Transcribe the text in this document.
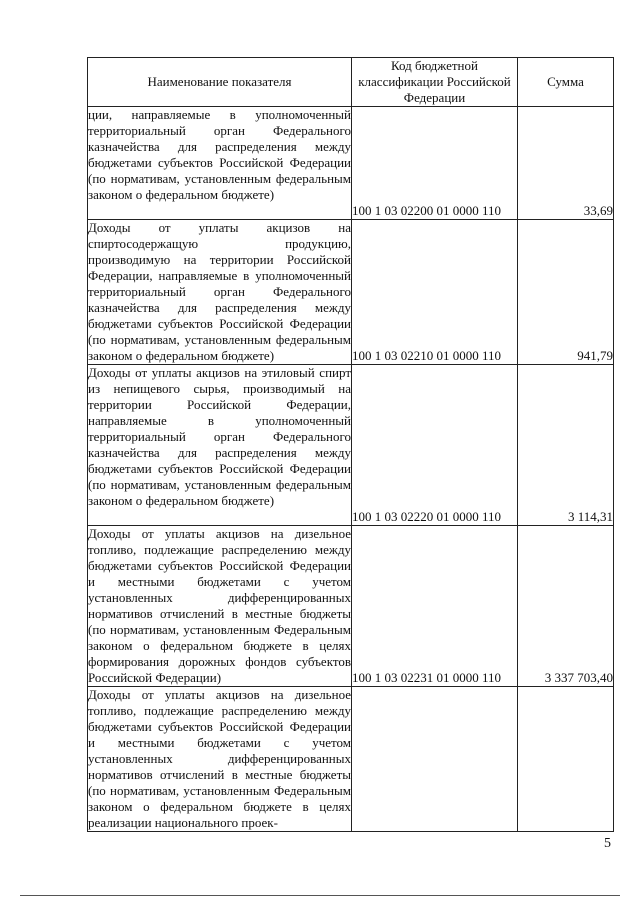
Наименование показателя	Код бюджетной классификации Российской Федерации	Сумма
ции, направляемые в уполномоченный территориальный орган Федерального казначейства для распределения между бюджетами субъектов Российской Федерации (по нормативам, установленным федеральным законом о федеральном бюджете)	100 1 03 02200 01 0000 110	33,69
Доходы от уплаты акцизов на спиртосодержащую продукцию, производимую на территории Российской Федерации, направляемые в уполномоченный территориальный орган Федерального казначейства для распределения между бюджетами субъектов Российской Федерации (по нормативам, установленным федеральным законом о федеральном бюджете)	100 1 03 02210 01 0000 110	941,79
Доходы от уплаты акцизов на этиловый спирт из непищевого сырья, производимый на территории Российской Федерации, направляемые в уполномоченный территориальный орган Федерального казначейства для распределения между бюджетами субъектов Российской Федерации (по нормативам, установленным федеральным законом о федеральном бюджете)	100 1 03 02220 01 0000 110	3 114,31
Доходы от уплаты акцизов на дизельное топливо, подлежащие распределению между бюджетами субъектов Российской Федерации и местными бюджетами с учетом установленных дифференцированных нормативов отчислений в местные бюджеты (по нормативам, установленным Федеральным законом о федеральном бюджете в целях формирования дорожных фондов субъектов Российской Федерации)	100 1 03 02231 01 0000 110	3 337 703,40
Доходы от уплаты акцизов на дизельное топливо, подлежащие распределению между бюджетами субъектов Российской Федерации и местными бюджетами с учетом установленных дифференцированных нормативов отчислений в местные бюджеты (по нормативам, установленным Федеральным законом о федеральном бюджете в целях реализации национального проек-		
5
